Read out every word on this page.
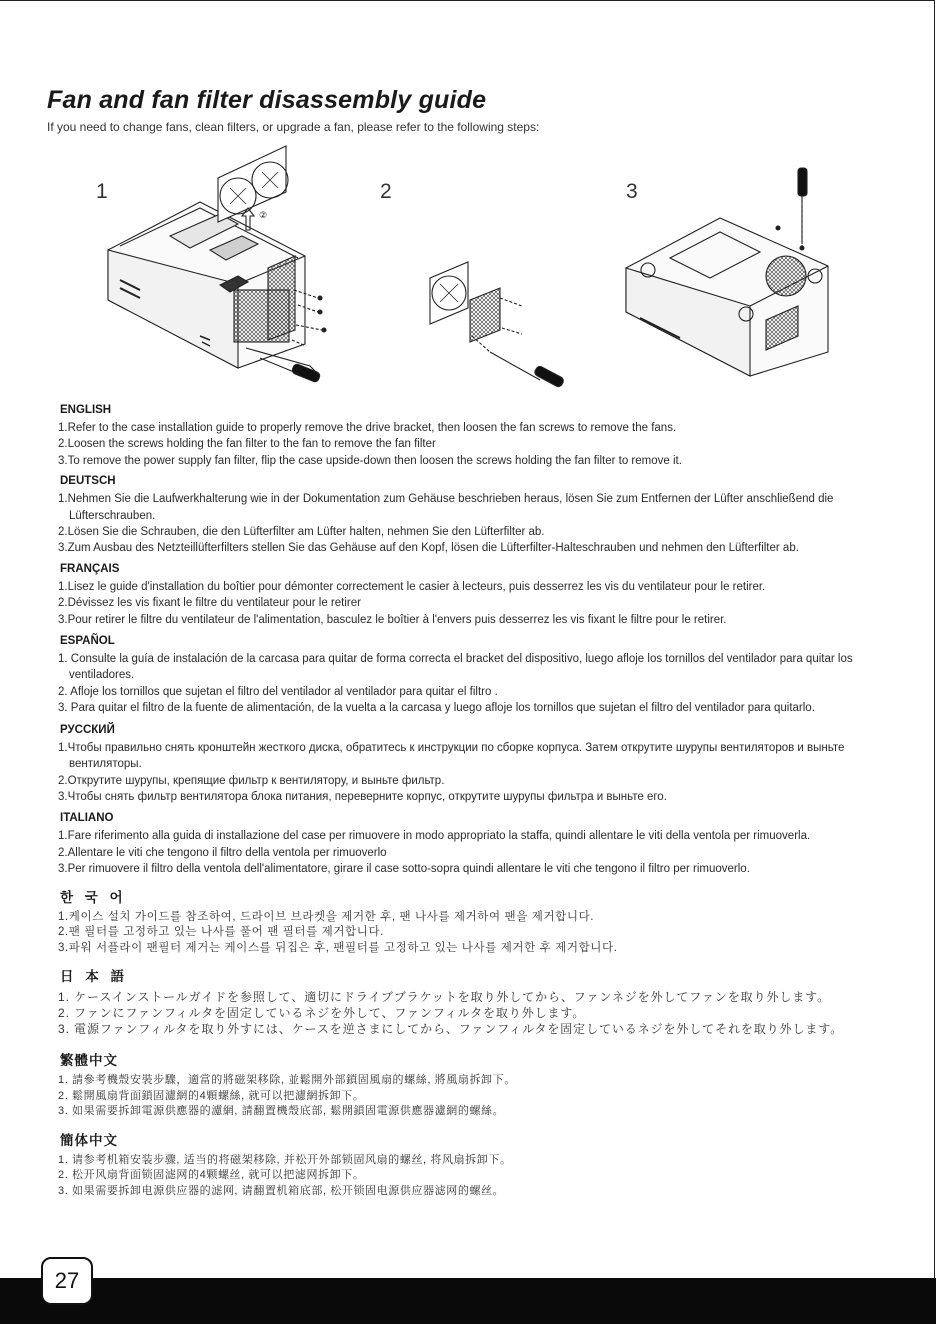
Fan and fan filter disassembly guide
If you need to change fans, clean filters, or upgrade a fan, please refer to the following steps:
1	2	3
②
①
ENGLISH
1.Refer to the case installation guide to properly remove the drive bracket, then loosen the fan screws to remove the fans.
2.Loosen the screws holding the fan filter to the fan to remove the fan filter
3.To remove the power supply fan filter, flip the case upside-down then loosen the screws holding the fan filter to remove it.
DEUTSCH
1.Nehmen Sie die Laufwerkhalterung wie in der Dokumentation zum Gehäuse beschrieben heraus, lösen Sie zum Entfernen der Lüfter anschließend die Lüfterschrauben.
2.Lösen Sie die Schrauben, die den Lüfterfilter am Lüfter halten, nehmen Sie den Lüfterfilter ab.
3.Zum Ausbau des Netzteillüfterfilters stellen Sie das Gehäuse auf den Kopf, lösen die Lüfterfilter-Halteschrauben und nehmen den Lüfterfilter ab.
FRANÇAIS
1.Lisez le guide d'installation du boîtier pour démonter correctement le casier à lecteurs, puis desserrez les vis du ventilateur pour le retirer.
2.Dévissez les vis fixant le filtre du ventilateur pour le retirer
3.Pour retirer le filtre du ventilateur de l'alimentation, basculez le boîtier à l'envers puis desserrez les vis fixant le filtre pour le retirer.
ESPAÑOL
1. Consulte la guía de instalación de la carcasa para quitar de forma correcta el bracket del dispositivo, luego afloje los tornillos del ventilador para quitar los ventiladores.
2. Afloje los tornillos que sujetan el filtro del ventilador al ventilador para quitar el filtro .
3. Para quitar el filtro de la fuente de alimentación, de la vuelta a la carcasa y luego afloje los tornillos que sujetan el filtro del ventilador para quitarlo.
РУССКИЙ
1.Чтобы правильно снять кронштейн жесткого диска, обратитесь к инструкции по сборке корпуса. Затем открутите шурупы вентиляторов и выньте вентиляторы.
2.Открутите шурупы, крепящие фильтр к вентилятору, и выньте фильтр.
3.Чтобы снять фильтр вентилятора блока питания, переверните корпус, открутите шурупы фильтра и выньте его.
ITALIANO
1.Fare riferimento alla guida di installazione del case per rimuovere in modo appropriato la staffa, quindi allentare le viti della ventola per rimuoverla.
2.Allentare le viti che tengono il filtro della ventola per rimuoverlo
3.Per rimuovere il filtro della ventola dell'alimentatore, girare il case sotto-sopra quindi allentare le viti che tengono il filtro per rimuoverlo.
한 국 어
1.케이스 설치 가이드를 참조하여, 드라이브 브라켓을 제거한 후, 팬 나사를 제거하여 팬을 제거합니다.
2.팬 필터를 고정하고 있는 나사를 풀어 팬 필터를 제거합니다.
3.파워 서플라이 팬필터 제거는 케이스를 뒤집은 후, 팬필터를 고정하고 있는 나사를 제거한 후 제거합니다.
日 本 語
1. ケースインストールガイドを参照して、適切にドライブブラケットを取り外してから、ファンネジを外してファンを取り外します。
2. ファンにファンフィルタを固定しているネジを外して、ファンフィルタを取り外します。
3. 電源ファンフィルタを取り外すには、ケースを逆さまにしてから、ファンフィルタを固定しているネジを外してそれを取り外します。
繁體中文
1. 請參考機殼安裝步驟，適當的將磁架移除, 並鬆開外部鎖固風扇的螺絲, 將風扇拆卸下。
2. 鬆開風扇背面鎖固濾網的4顆螺絲, 就可以把濾網拆卸下。
3. 如果需要拆卸電源供應器的濾網, 請翻置機殼底部, 鬆開鎖固電源供應器濾網的螺絲。
簡体中文
1. 请参考机箱安装步骤, 适当的将磁架移除, 并松开外部锁固风扇的螺丝, 将风扇拆卸下。
2. 松开风扇背面锁固滤网的4颗螺丝, 就可以把滤网拆卸下。
3. 如果需要拆卸电源供应器的滤网, 请翻置机箱底部, 松开锁固电源供应器滤网的螺丝。
27
